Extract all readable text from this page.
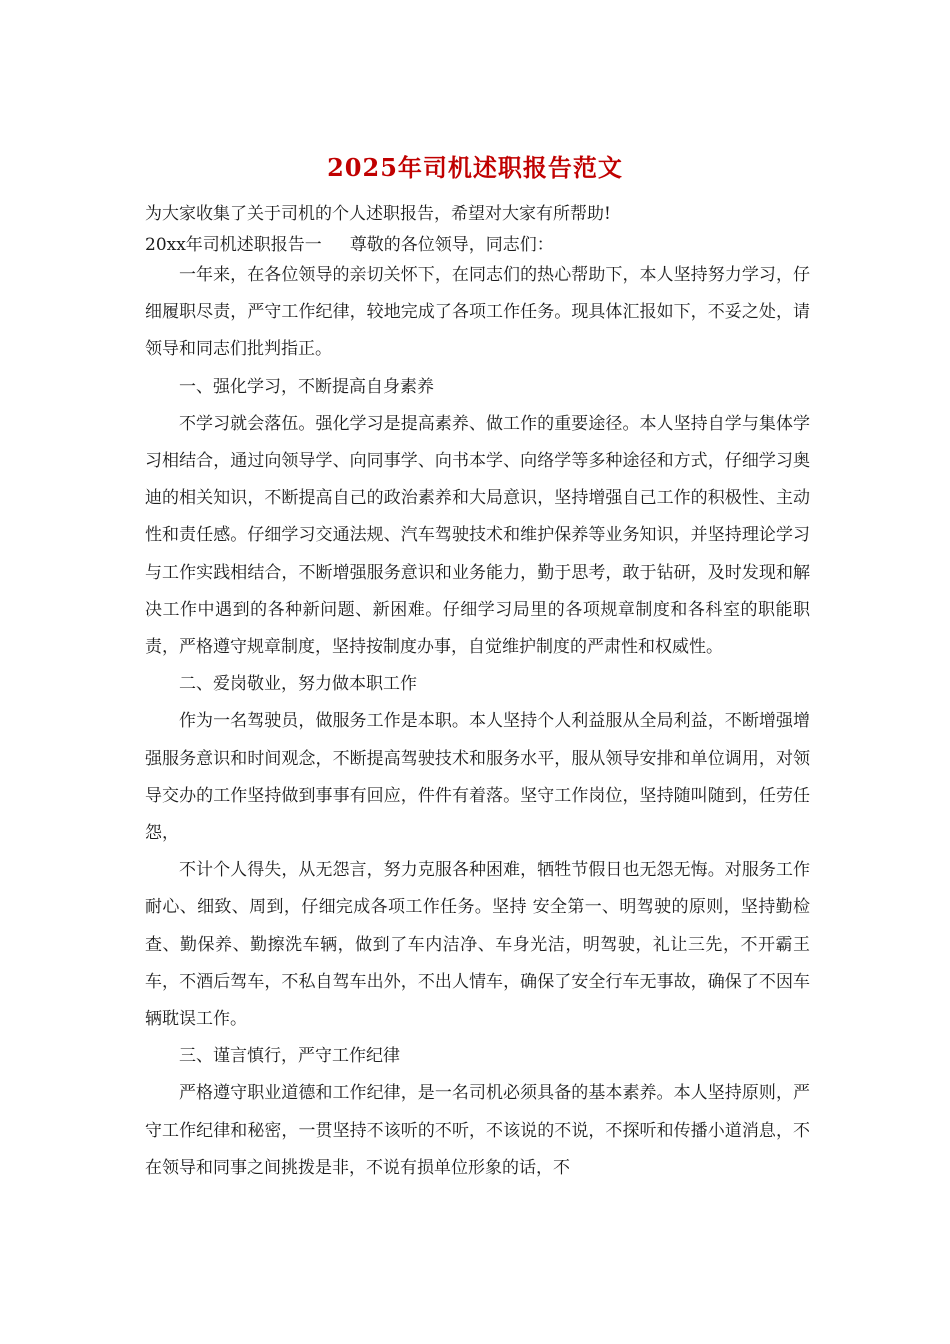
2025年司机述职报告范文
为大家收集了关于司机的个人述职报告，希望对大家有所帮助!
20xx年司机述职报告一 尊敬的各位领导，同志们：

一年来，在各位领导的亲切关怀下，在同志们的热心帮助下，本人坚持努力学习，仔细履职尽责，严守工作纪律，较地完成了各项工作任务。现具体汇报如下，不妥之处，请领导和同志们批判指正。

一、强化学习，不断提高自身素养

不学习就会落伍。强化学习是提高素养、做工作的重要途径。本人坚持自学与集体学习相结合，通过向领导学、向同事学、向书本学、向络学等多种途径和方式，仔细学习奥迪的相关知识，不断提高自己的政治素养和大局意识，坚持增强自己工作的积极性、主动性和责任感。仔细学习交通法规、汽车驾驶技术和维护保养等业务知识，并坚持理论学习与工作实践相结合，不断增强服务意识和业务能力，勤于思考，敢于钻研，及时发现和解决工作中遇到的各种新问题、新困难。仔细学习局里的各项规章制度和各科室的职能职责，严格遵守规章制度，坚持按制度办事，自觉维护制度的严肃性和权威性。

二、爱岗敬业，努力做本职工作

作为一名驾驶员，做服务工作是本职。本人坚持个人利益服从全局利益，不断增强增强服务意识和时间观念，不断提高驾驶技术和服务水平，服从领导安排和单位调用，对领导交办的工作坚持做到事事有回应，件件有着落。坚守工作岗位，坚持随叫随到，任劳任怨，

不计个人得失，从无怨言，努力克服各种困难，牺牲节假日也无怨无悔。对服务工作耐心、细致、周到，仔细完成各项工作任务。坚持 安全第一、明驾驶的原则，坚持勤检查、勤保养、勤擦洗车辆，做到了车内洁净、车身光洁，明驾驶，礼让三先，不开霸王车，不酒后驾车，不私自驾车出外，不出人情车，确保了安全行车无事故，确保了不因车辆耽误工作。

三、谨言慎行，严守工作纪律

严格遵守职业道德和工作纪律，是一名司机必须具备的基本素养。本人坚持原则，严守工作纪律和秘密，一贯坚持不该听的不听，不该说的不说，不探听和传播小道消息，不在领导和同事之间挑拨是非，不说有损单位形象的话，不
